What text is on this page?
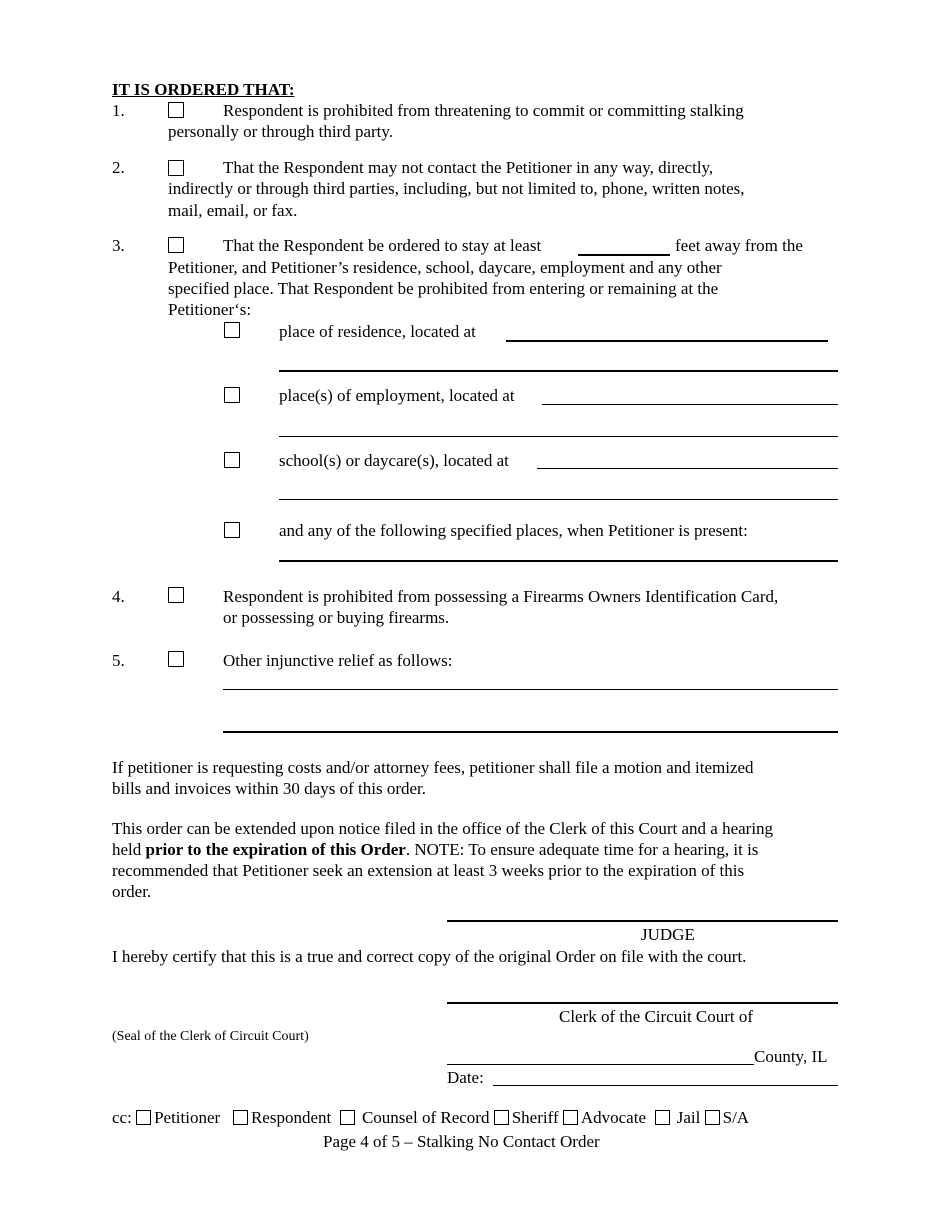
IT IS ORDERED THAT:
1.	Respondent is prohibited from threatening to commit or committing stalking
personally or through third party.
2.	That the Respondent may not contact the Petitioner in any way, directly,
indirectly or through third parties, including, but not limited to, phone, written notes,
mail, email, or fax.
3.	That the Respondent be ordered to stay at least	feet away from the
Petitioner, and Petitioner’s residence, school, daycare, employment and any other
specified place. That Respondent be prohibited from entering or remaining at the
Petitioner‘s:
place of residence, located at
place(s) of employment, located at
school(s) or daycare(s), located at
and any of the following specified places, when Petitioner is present:
4.	Respondent is prohibited from possessing a Firearms Owners Identification Card,
or possessing or buying firearms.
5.	Other injunctive relief as follows:
If petitioner is requesting costs and/or attorney fees, petitioner shall file a motion and itemized
bills and invoices within 30 days of this order.
This order can be extended upon notice filed in the office of the Clerk of this Court and a hearing
held prior to the expiration of this Order. NOTE: To ensure adequate time for a hearing, it is
recommended that Petitioner seek an extension at least 3 weeks prior to the expiration of this
order.
JUDGE
I hereby certify that this is a true and correct copy of the original Order on file with the court.
Clerk of the Circuit Court of
(Seal of the Clerk of Circuit Court)
County, IL
Date:
cc: Petitioner Respondent Counsel of Record Sheriff Advocate Jail S/A
Page 4 of 5 – Stalking No Contact Order
